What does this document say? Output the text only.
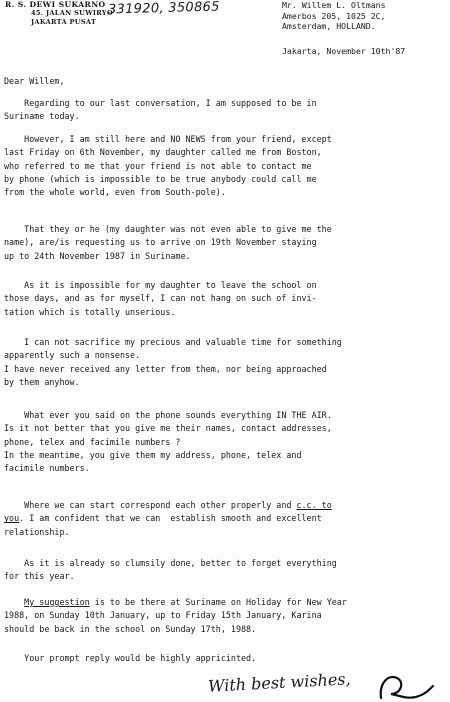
R. S. DEWI SUKARNO
45. JALAN SUWIRYO
JAKARTA PUSAT
331920, 350865	Mr. Willem L. Oltmans
Amerbos 205, 1025 2C,
Amsterdam, HOLLAND.
Jakarta, November 10th'87
Dear Willem,

Regarding to our last conversation, I am supposed to be in
Suriname today.

However, I am still here and NO NEWS from your friend, except
last Friday on 6th November, my daughter called me from Boston,
who referred to me that your friend is not able to contact me
by phone (which is impossible to be true anybody could call me
from the whole world, even from South-pole).

That they or he (my daughter was not even able to give me the
name), are/is requesting us to arrive on 19th November staying
up to 24th November 1987 in Suriname.

As it is impossible for my daughter to leave the school on
those days, and as for myself, I can not hang on such of invi-
tation which is totally unserious.

I can not sacrifice my precious and valuable time for something
apparently such a nonsense.
I have never received any letter from them, nor being approached
by them anyhow.

What ever you said on the phone sounds everything IN THE AIR.
Is it not better that you give me their names, contact addresses,
phone, telex and facimile numbers ?
In the meantime, you give them my address, phone, telex and
facimile numbers.

Where we can start correspond each other properly and c.c. to
you. I am confident that we can  establish smooth and excellent
relationship.

As it is already so clumsily done, better to forget everything
for this year.

My suggestion is to be there at Suriname on Holiday for New Year
1988, on Sunday 10th January, up to Friday 15th January, Karina
should be back in the school on Sunday 17th, 1988.

Your prompt reply would be highly appricinted.

With best wishes,
